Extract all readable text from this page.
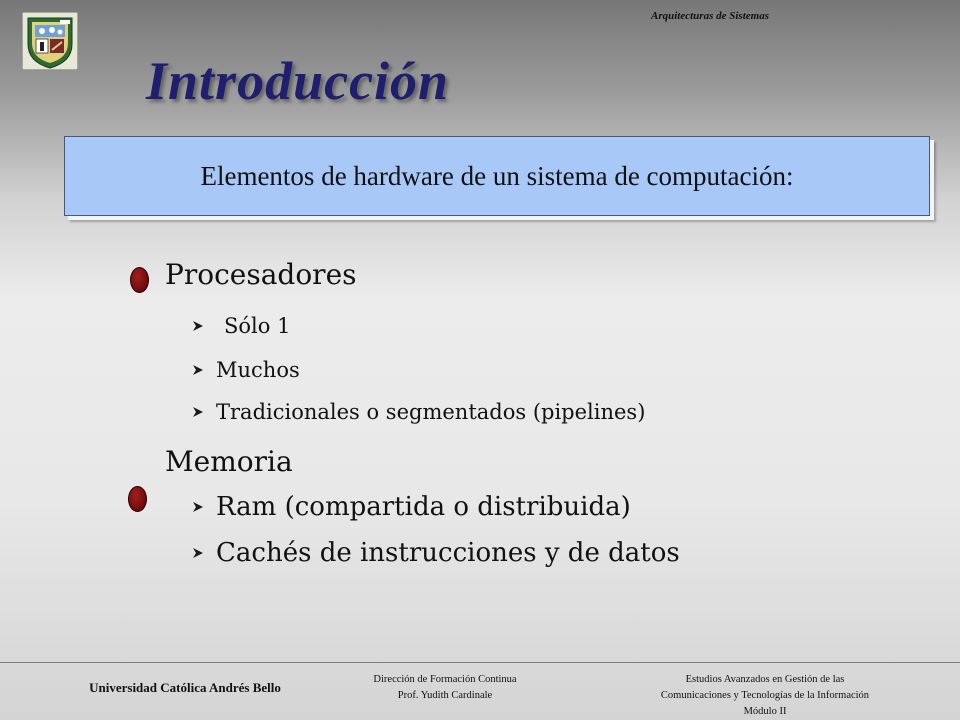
Arquitecturas de Sistemas
Introducción
Elementos de hardware de un sistema de computación:
Procesadores
Sólo 1
Muchos
Tradicionales o segmentados (pipelines)
Memoria
Ram (compartida o distribuida)
Cachés de instrucciones y de datos
Universidad Católica Andrés Bello
Dirección de Formación Continua
Prof. Yudith Cardinale
Estudios Avanzados en Gestión de las
Comunicaciones y Tecnologías de la Información
Módulo II
